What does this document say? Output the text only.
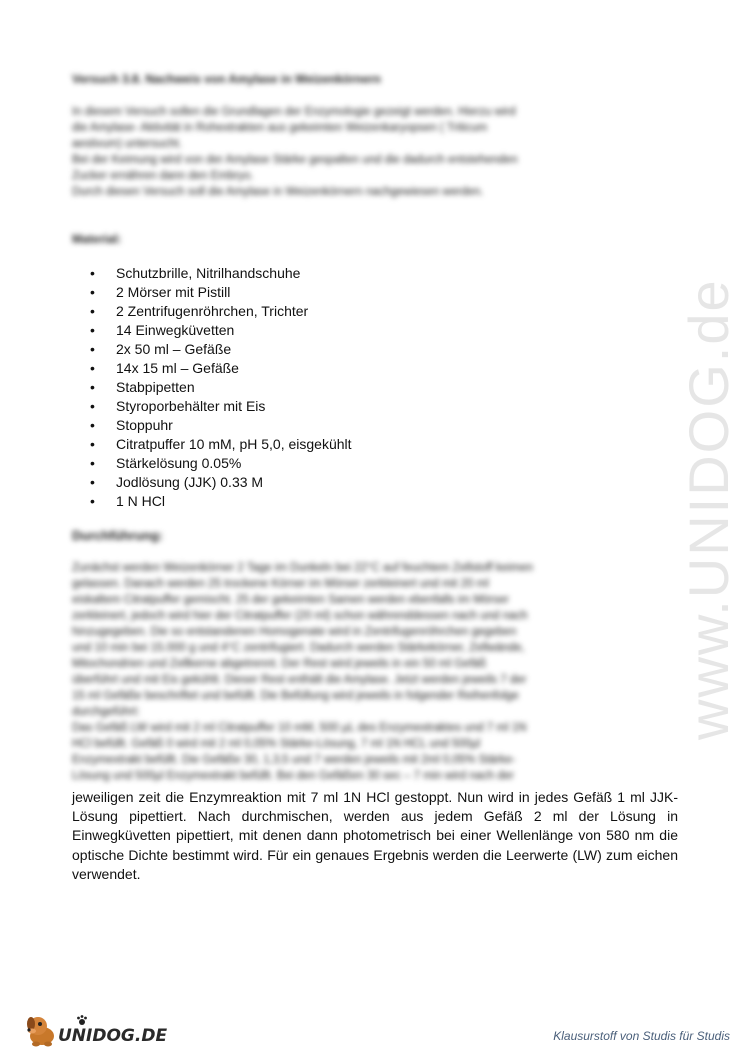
www.UNIDOG.de
Versuch 3.8. Nachweis von Amylase in Weizenkörnern

In diesem Versuch sollen die Grundlagen der Enzymologie gezeigt werden. Hierzu wird
die Amylase- Aktivität in Rohextrakten aus gekeimten Weizenkaryopsen ( Triticum
aestivum) untersucht.
Bei der Keimung wird von der Amylase Stärke gespalten und die dadurch entstehenden
Zucker ernähren dann den Embryo.
Durch diesen Versuch soll die Amylase in Weizenkörnern nachgewiesen werden.

Material:
• Schutzbrille, Nitrilhandschuhe
• 2 Mörser mit Pistill
• 2 Zentrifugenröhrchen, Trichter
• 14 Einwegküvetten
• 2x 50 ml – Gefäße
• 14x 15 ml – Gefäße
• Stabpipetten
• Styroporbehälter mit Eis
• Stoppuhr
• Citratpuffer 10 mM, pH 5,0, eisgekühlt
• Stärkelösung 0.05%
• Jodlösung (JJK) 0.33 M
• 1 N HCl
Durchführung:

Zunächst werden Weizenkörner 2 Tage im Dunkeln bei 22°C auf feuchtem Zellstoff keimen
gelassen. Danach werden 25 trockene Körner im Mörser zerkleinert und mit 20 ml
eiskaltem Citratpuffer gemischt. 25 der gekeimten Samen werden ebenfalls im Mörser
zerkleinert, jedoch wird hier der Citratpuffer (20 ml) schon währenddessen nach und nach
hinzugegeben. Die so entstandenen Homogenate wird in Zentrifugenröhrchen gegeben
und 10 min bei 15.000 g und 4°C zentrifugiert. Dadurch werden Stärkekörner, Zellwände,
Mitochondrien und Zellkerne abgetrennt. Der Rest wird jeweils in ein 50 ml Gefäß
überführt und mit Eis gekühlt. Dieser Rest enthält die Amylase. Jetzt werden jeweils 7 der
15 ml Gefäße beschriftet und befüllt. Die Befüllung wird jeweils in folgender Reihenfolge
durchgeführt:
Das Gefäß LW wird mit 2 ml Citratpuffer 10 mM, 500 µL des Enzymextraktes und 7 ml 1N
HCl befüllt. Gefäß 0 wird mit 2 ml 0,05% Stärke-Lösung, 7 ml 1N HCL und 500µl
Enzymextrakt befüllt. Die Gefäße 30, 1,3,5 und 7 werden jeweils mit 2ml 0,05% Stärke-
Lösung und 500µl Enzymextrakt befüllt. Bei den Gefäßen 30 sec – 7 min wird nach der

jeweiligen zeit die Enzymreaktion mit 7 ml 1N HCl gestoppt. Nun wird in jedes Gefäß 1 ml JJK- Lösung pipettiert. Nach durchmischen, werden aus jedem Gefäß 2 ml der Lösung in Einwegküvetten pipettiert, mit denen dann photometrisch bei einer Wellenlänge von 580 nm die optische Dichte bestimmt wird. Für ein genaues Ergebnis werden die Leerwerte (LW) zum eichen verwendet.
UNIDOG.DE	Klausurstoff von Studis für Studis
